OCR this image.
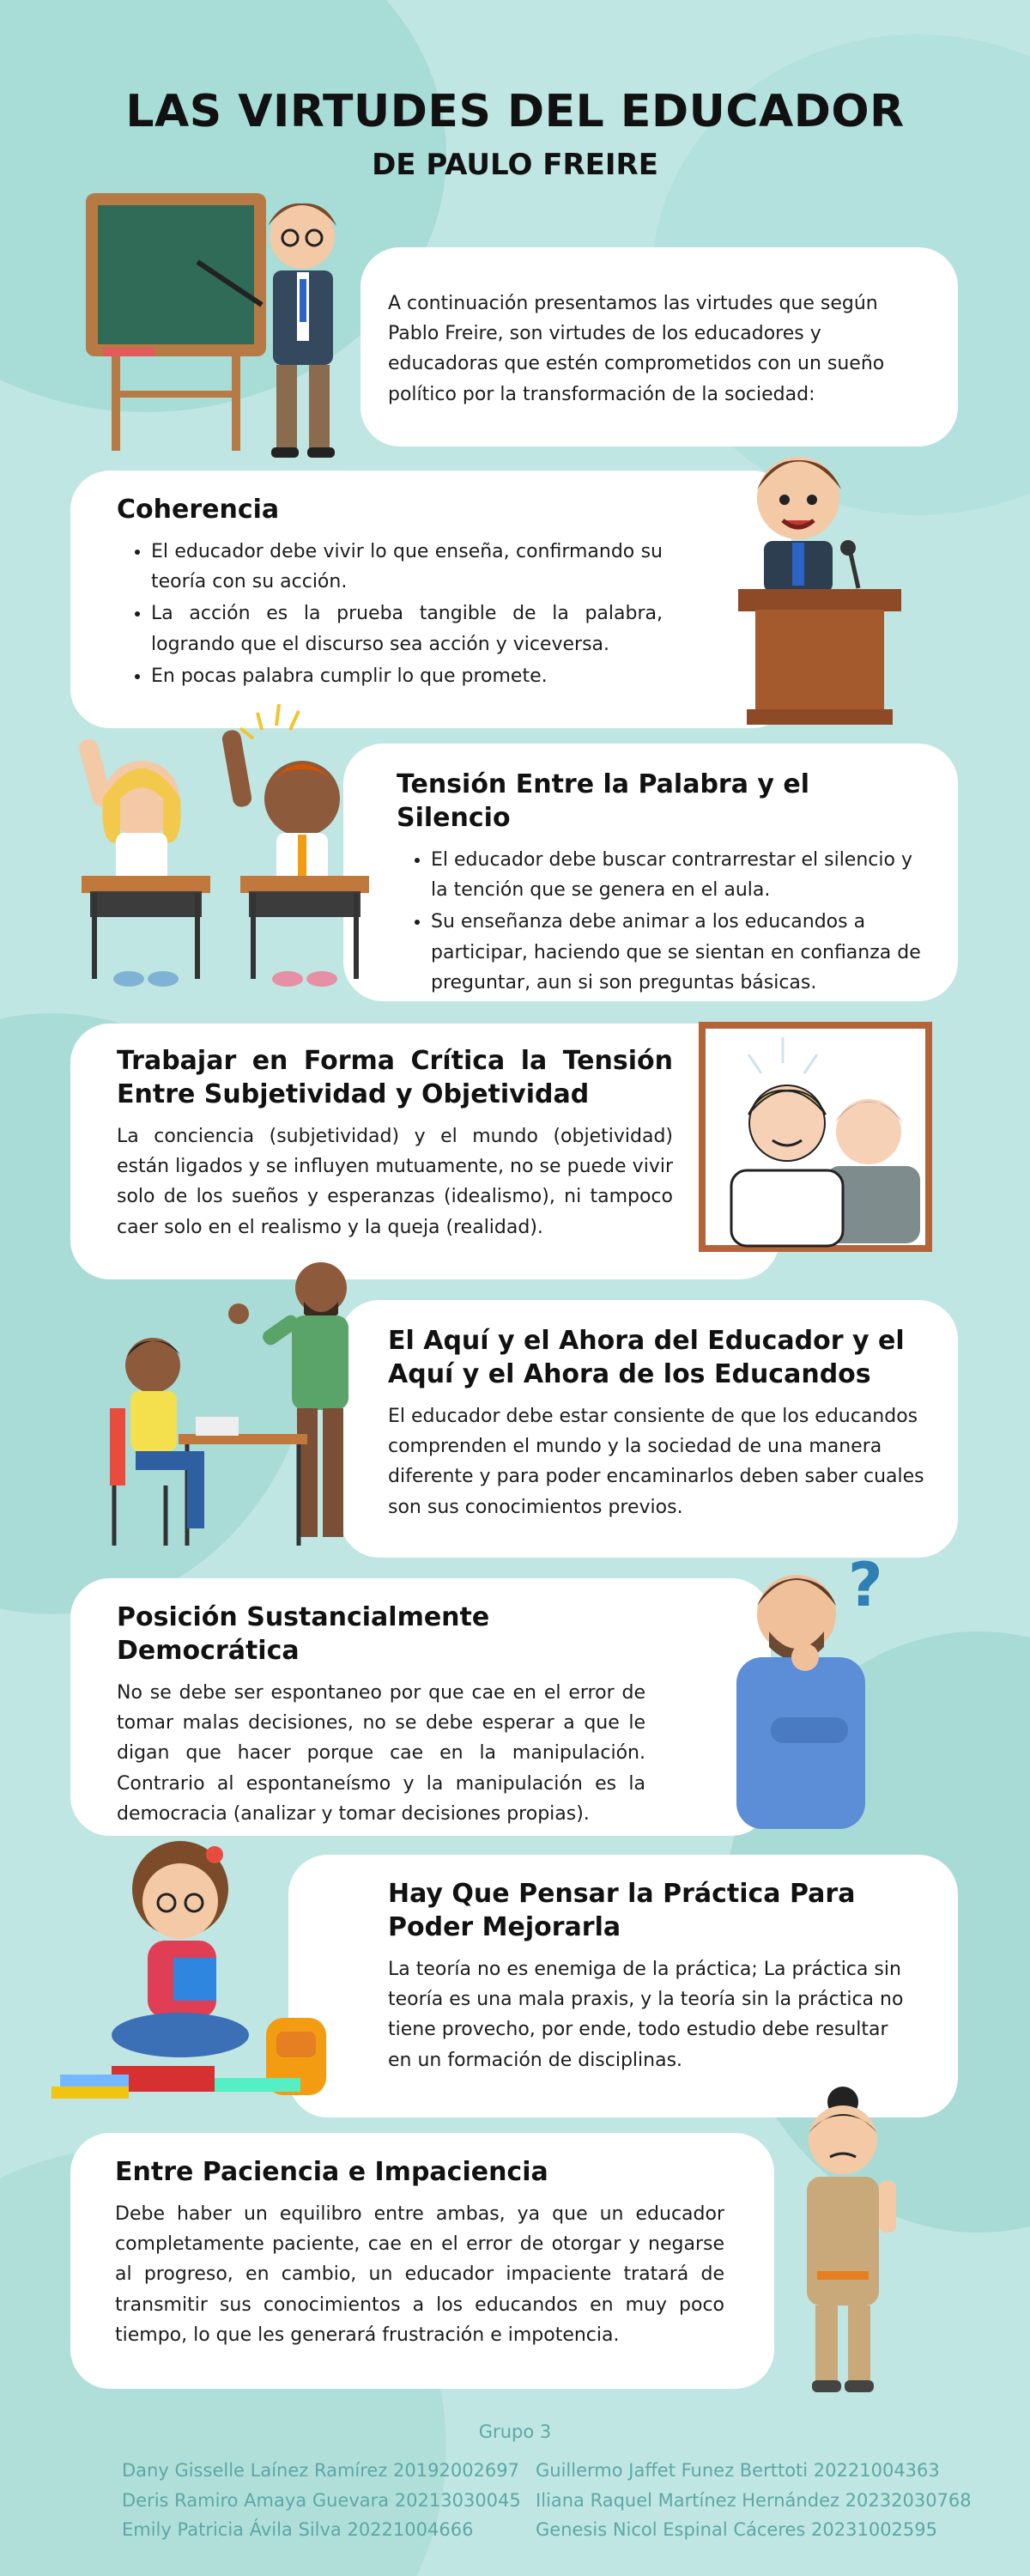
LAS VIRTUDES DEL EDUCADOR
DE PAULO FREIRE

A continuación presentamos las virtudes que según Pablo Freire, son virtudes de los educadores y educadoras que estén comprometidos con un sueño político por la transformación de la sociedad:

Coherencia
• El educador debe vivir lo que enseña, confirmando su teoría con su acción.
• La acción es la prueba tangible de la palabra, logrando que el discurso sea acción y viceversa.
• En pocas palabra cumplir lo que promete.
Tensión Entre la Palabra y el Silencio
• El educador debe buscar contrarrestar el silencio y la tención que se genera en el aula.
• Su enseñanza debe animar a los educandos a participar, haciendo que se sientan en confianza de preguntar, aun si son preguntas básicas.
Trabajar en Forma Crítica la Tensión Entre Subjetividad y Objetividad

La conciencia (subjetividad) y el mundo (objetividad) están ligados y se influyen mutuamente, no se puede vivir solo de los sueños y esperanzas (idealismo), ni tampoco caer solo en el realismo y la queja (realidad).

El Aquí y el Ahora del Educador y el Aquí y el Ahora de los Educandos

El educador debe estar consiente de que los educandos comprenden el mundo y la sociedad de una manera diferente y para poder encaminarlos deben saber cuales son sus conocimientos previos.

Posición Sustancialmente Democrática

No se debe ser espontaneo por que cae en el error de tomar malas decisiones, no se debe esperar a que le digan que hacer porque cae en la manipulación. Contrario al espontaneísmo y la manipulación es la democracia (analizar y tomar decisiones propias).

?
Hay Que Pensar la Práctica Para Poder Mejorarla

La teoría no es enemiga de la práctica; La práctica sin teoría es una mala praxis, y la teoría sin la práctica no tiene provecho, por ende, todo estudio debe resultar en un formación de disciplinas.

Entre Paciencia e Impaciencia

Debe haber un equilibro entre ambas, ya que un educador completamente paciente, cae en el error de otorgar y negarse al progreso, en cambio, un educador impaciente tratará de transmitir sus conocimientos a los educandos en muy poco tiempo, lo que les generará frustración e impotencia.

Grupo 3
Dany Gisselle Laínez Ramírez 20192002697
Deris Ramiro Amaya Guevara 20213030045
Emily Patricia Ávila Silva 20221004666
Guillermo Jaffet Funez Berttoti 20221004363
Iliana Raquel Martínez Hernández 20232030768
Genesis Nicol Espinal Cáceres 20231002595
